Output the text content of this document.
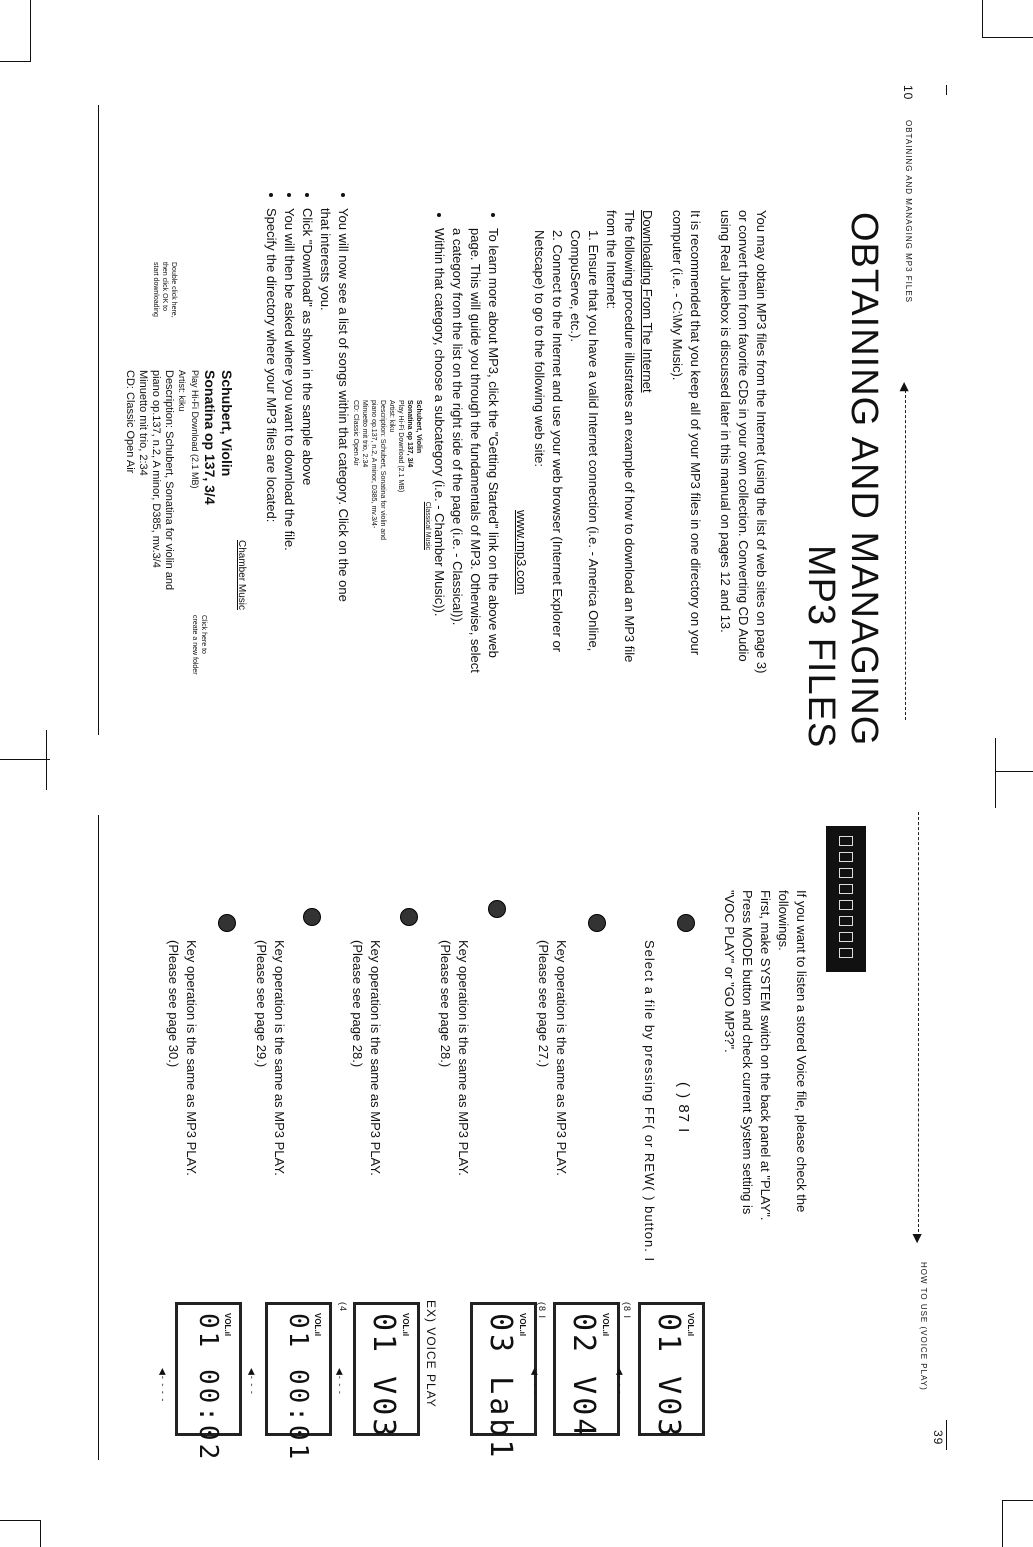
10
OBTAINING AND MANAGING MP3 FILES
◀
OBTAINING AND MANAGING
MP3 FILES

You may obtain MP3 files from the Internet (using the list of web sites on page 3) or convert them from favorite CDs in your own collection. Converting CD Audio using Real Jukebox is discussed later in this manual on pages 12 and 13.

It is recommended that you keep all of your MP3 files in one directory on your computer (i.e. - C:\My Music).

Downloading From The Internet
The following procedure illustrates an example of how to download an MP3 file from the Internet:
1. Ensure that you have a valid Internet connection (i.e. - America Online, CompuServe, etc.).
2. Connect to the Internet and use your web browser (Internet Explorer or Netscape) to go to the following web site:
www.mp3.com
• To learn more about MP3, click the "Getting Started" link on the above web page. This will guide you through the fundamentals of MP3. Otherwise, select a category from the list on the right side of the page (i.e. - Classical)).
• Within that category, choose a subcategory (i.e. - Chamber Music)).
Classical Music
Schubert, Violin
Sonatina op 137, 3/4
Play Hi-Fi Download (2.1 MB)
Artist: kiku
Description: Schubert, Sonatina for violin and
piano op.137, n.2, A minor, D385, mv.3/4-
Minuetto mit trio, 2:34
CD: Classic Open Air
• You will now see a list of songs within that category. Click on the one that interests you.
• Click "Download" as shown in the sample above
• You will then be asked where you want to download the file.
• Specify the directory where your MP3 files are located:
Chamber Music
Schubert, Violin
Sonatina op 137, 3/4
Play Hi-Fi Download (2.1 MB)
Artist: kiku
Description: Schubert, Sonatina for violin and
piano op.137, n.2, A minor, D385, mv.3/4
Minuetto mit trio, 2:34
CD: Classic Open Air
Double click here, then click OK to start downloading
Click here to create a new folder
HOW TO USE (VOICE PLAY)
▶
39
If you want to listen a stored Voice file, please check the followings.
First, make SYSTEM switch on the back panel at "PLAY".
Press MODE button and check current System setting is "VOC PLAY" or "GO MP3?".
( ) 87 I
Select a file by pressing FF( or REW( ) button. I
Key operation is the same as MP3 PLAY. (Please see page 27.)
Key operation is the same as MP3 PLAY. (Please see page 28.)
Key operation is the same as MP3 PLAY. (Please see page 28.)
Key operation is the same as MP3 PLAY. (Please see page 29.)
Key operation is the same as MP3 PLAY. (Please see page 30.)
EX) VOICE PLAY	VOL.ıl
01 V03
VOL.ıl
02 V04
VOL.ıl
03 Lab1
VOL.ıl
01 V03
VOL.ıl
01 00:01
VOL.ıl
01 00:02
(8 I
(8 I
(4
◀- - -
◀- - -
◀- - -
◀- - -
◀- - - -
